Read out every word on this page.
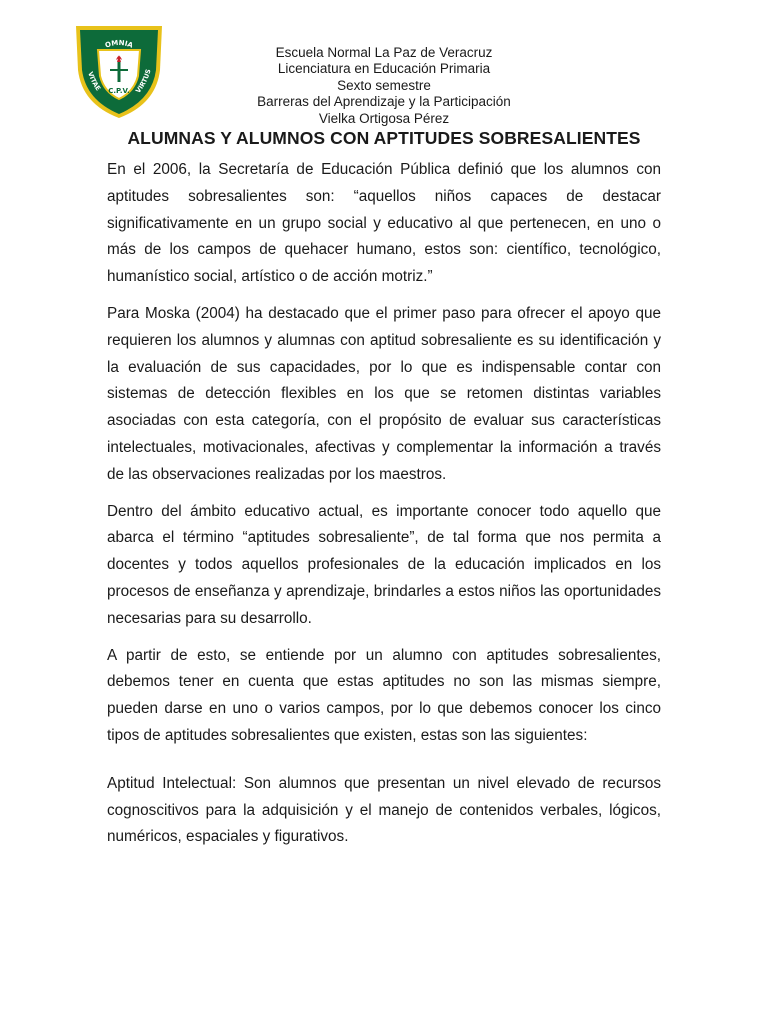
OMNIA
VITAE	VIRTUS
C.P.V.
Escuela Normal La Paz de Veracruz
Licenciatura en Educación Primaria
Sexto semestre
Barreras del Aprendizaje y la Participación
Vielka Ortigosa Pérez
ALUMNAS Y ALUMNOS CON APTITUDES SOBRESALIENTES

En el 2006, la Secretaría de Educación Pública definió que los alumnos con aptitudes sobresalientes son: “aquellos niños capaces de destacar significativamente en un grupo social y educativo al que pertenecen, en uno o más de los campos de quehacer humano, estos son: científico, tecnológico, humanístico social, artístico o de acción motriz.”

Para Moska (2004) ha destacado que el primer paso para ofrecer el apoyo que requieren los alumnos y alumnas con aptitud sobresaliente es su identificación y la evaluación de sus capacidades, por lo que es indispensable contar con sistemas de detección flexibles en los que se retomen distintas variables asociadas con esta categoría, con el propósito de evaluar sus características intelectuales, motivacionales, afectivas y complementar la información a través de las observaciones realizadas por los maestros.

Dentro del ámbito educativo actual, es importante conocer todo aquello que abarca el término “aptitudes sobresaliente”, de tal forma que nos permita a docentes y todos aquellos profesionales de la educación implicados en los procesos de enseñanza y aprendizaje, brindarles a estos niños las oportunidades necesarias para su desarrollo.

A partir de esto, se entiende por un alumno con aptitudes sobresalientes, debemos tener en cuenta que estas aptitudes no son las mismas siempre, pueden darse en uno o varios campos, por lo que debemos conocer los cinco tipos de aptitudes sobresalientes que existen, estas son las siguientes:

Aptitud Intelectual: Son alumnos que presentan un nivel elevado de recursos cognoscitivos para la adquisición y el manejo de contenidos verbales, lógicos, numéricos, espaciales y figurativos.
